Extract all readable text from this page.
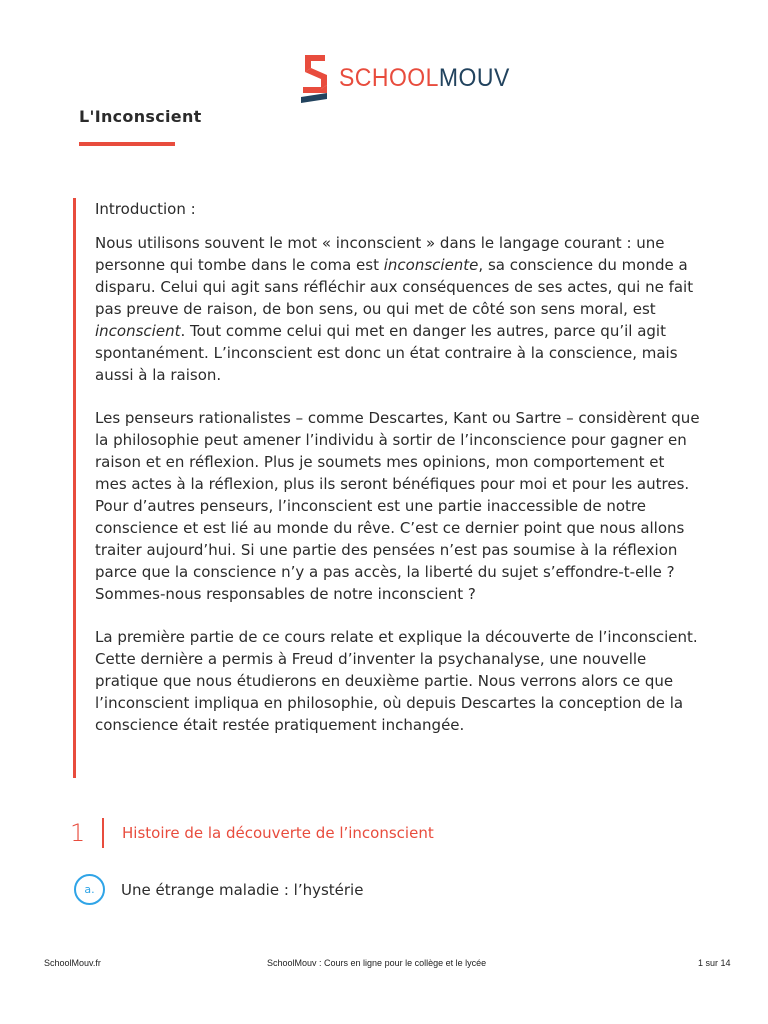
SCHOOLMOUV
L'Inconscient

Introduction :

Nous utilisons souvent le mot « inconscient » dans le langage courant : une personne qui tombe dans le coma est inconsciente, sa conscience du monde a disparu. Celui qui agit sans réfléchir aux conséquences de ses actes, qui ne fait pas preuve de raison, de bon sens, ou qui met de côté son sens moral, est inconscient. Tout comme celui qui met en danger les autres, parce qu’il agit spontanément. L’inconscient est donc un état contraire à la conscience, mais aussi à la raison.

Les penseurs rationalistes – comme Descartes, Kant ou Sartre – considèrent que la philosophie peut amener l’individu à sortir de l’inconscience pour gagner en raison et en réflexion. Plus je soumets mes opinions, mon comportement et mes actes à la réflexion, plus ils seront bénéfiques pour moi et pour les autres. Pour d’autres penseurs, l’inconscient est une partie inaccessible de notre conscience et est lié au monde du rêve. C’est ce dernier point que nous allons traiter aujourd’hui. Si une partie des pensées n’est pas soumise à la réflexion parce que la conscience n’y a pas accès, la liberté du sujet s’effondre-t-elle ? Sommes-nous responsables de notre inconscient ?

La première partie de ce cours relate et explique la découverte de l’inconscient. Cette dernière a permis à Freud d’inventer la psychanalyse, une nouvelle pratique que nous étudierons en deuxième partie. Nous verrons alors ce que l’inconscient impliqua en philosophie, où depuis Descartes la conception de la conscience était restée pratiquement inchangée.

1 Histoire de la découverte de l’inconscient
a.	Une étrange maladie : l’hystérie
SchoolMouv.fr	SchoolMouv : Cours en ligne pour le collège et le lycée	1 sur 14
